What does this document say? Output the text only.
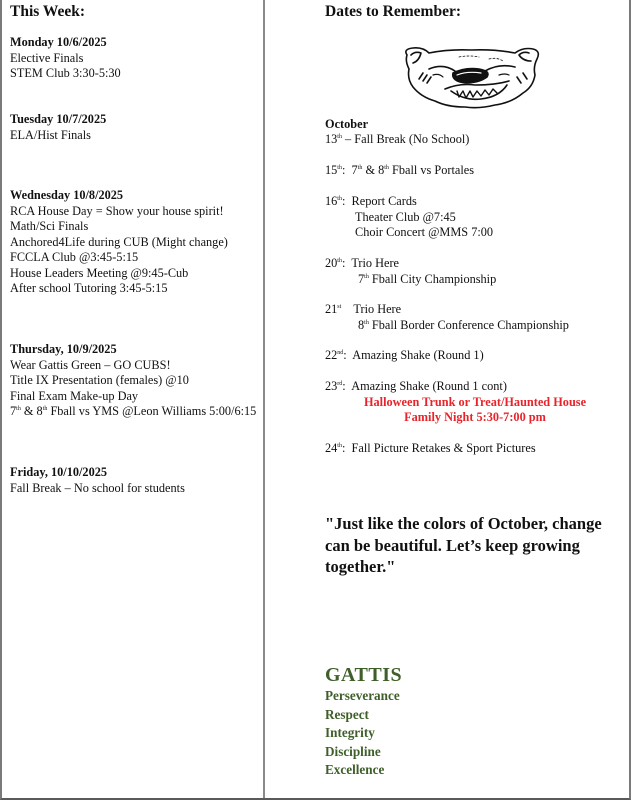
This Week:
Monday 10/6/2025
Elective Finals
STEM Club 3:30-5:30
Tuesday 10/7/2025
ELA/Hist Finals
Wednesday 10/8/2025
RCA House Day = Show your house spirit!
Math/Sci Finals
Anchored4Life during CUB (Might change)
FCCLA Club @3:45-5:15
House Leaders Meeting @9:45-Cub
After school Tutoring 3:45-5:15
Thursday, 10/9/2025
Wear Gattis Green – GO CUBS!
Title IX Presentation (females) @10
Final Exam Make-up Day
7th & 8th Fball vs YMS @Leon Williams 5:00/6:15
Friday, 10/10/2025
Fall Break – No school for students
Dates to Remember:
October
13th – Fall Break (No School)
15th:  7th & 8th Fball vs Portales
16th:  Report Cards
Theater Club @7:45
Choir Concert @MMS 7:00
20th:  Trio Here
7th Fball City Championship
21st Trio Here
8th Fball Border Conference Championship
22nd:  Amazing Shake (Round 1)
23rd:  Amazing Shake (Round 1 cont)
Halloween Trunk or Treat/Haunted House
Family Night 5:30-7:00 pm
24th:  Fall Picture Retakes & Sport Pictures
"Just like the colors of October, change can be beautiful. Let’s keep growing together."
GATTIS
Perseverance
Respect
Integrity
Discipline
Excellence
